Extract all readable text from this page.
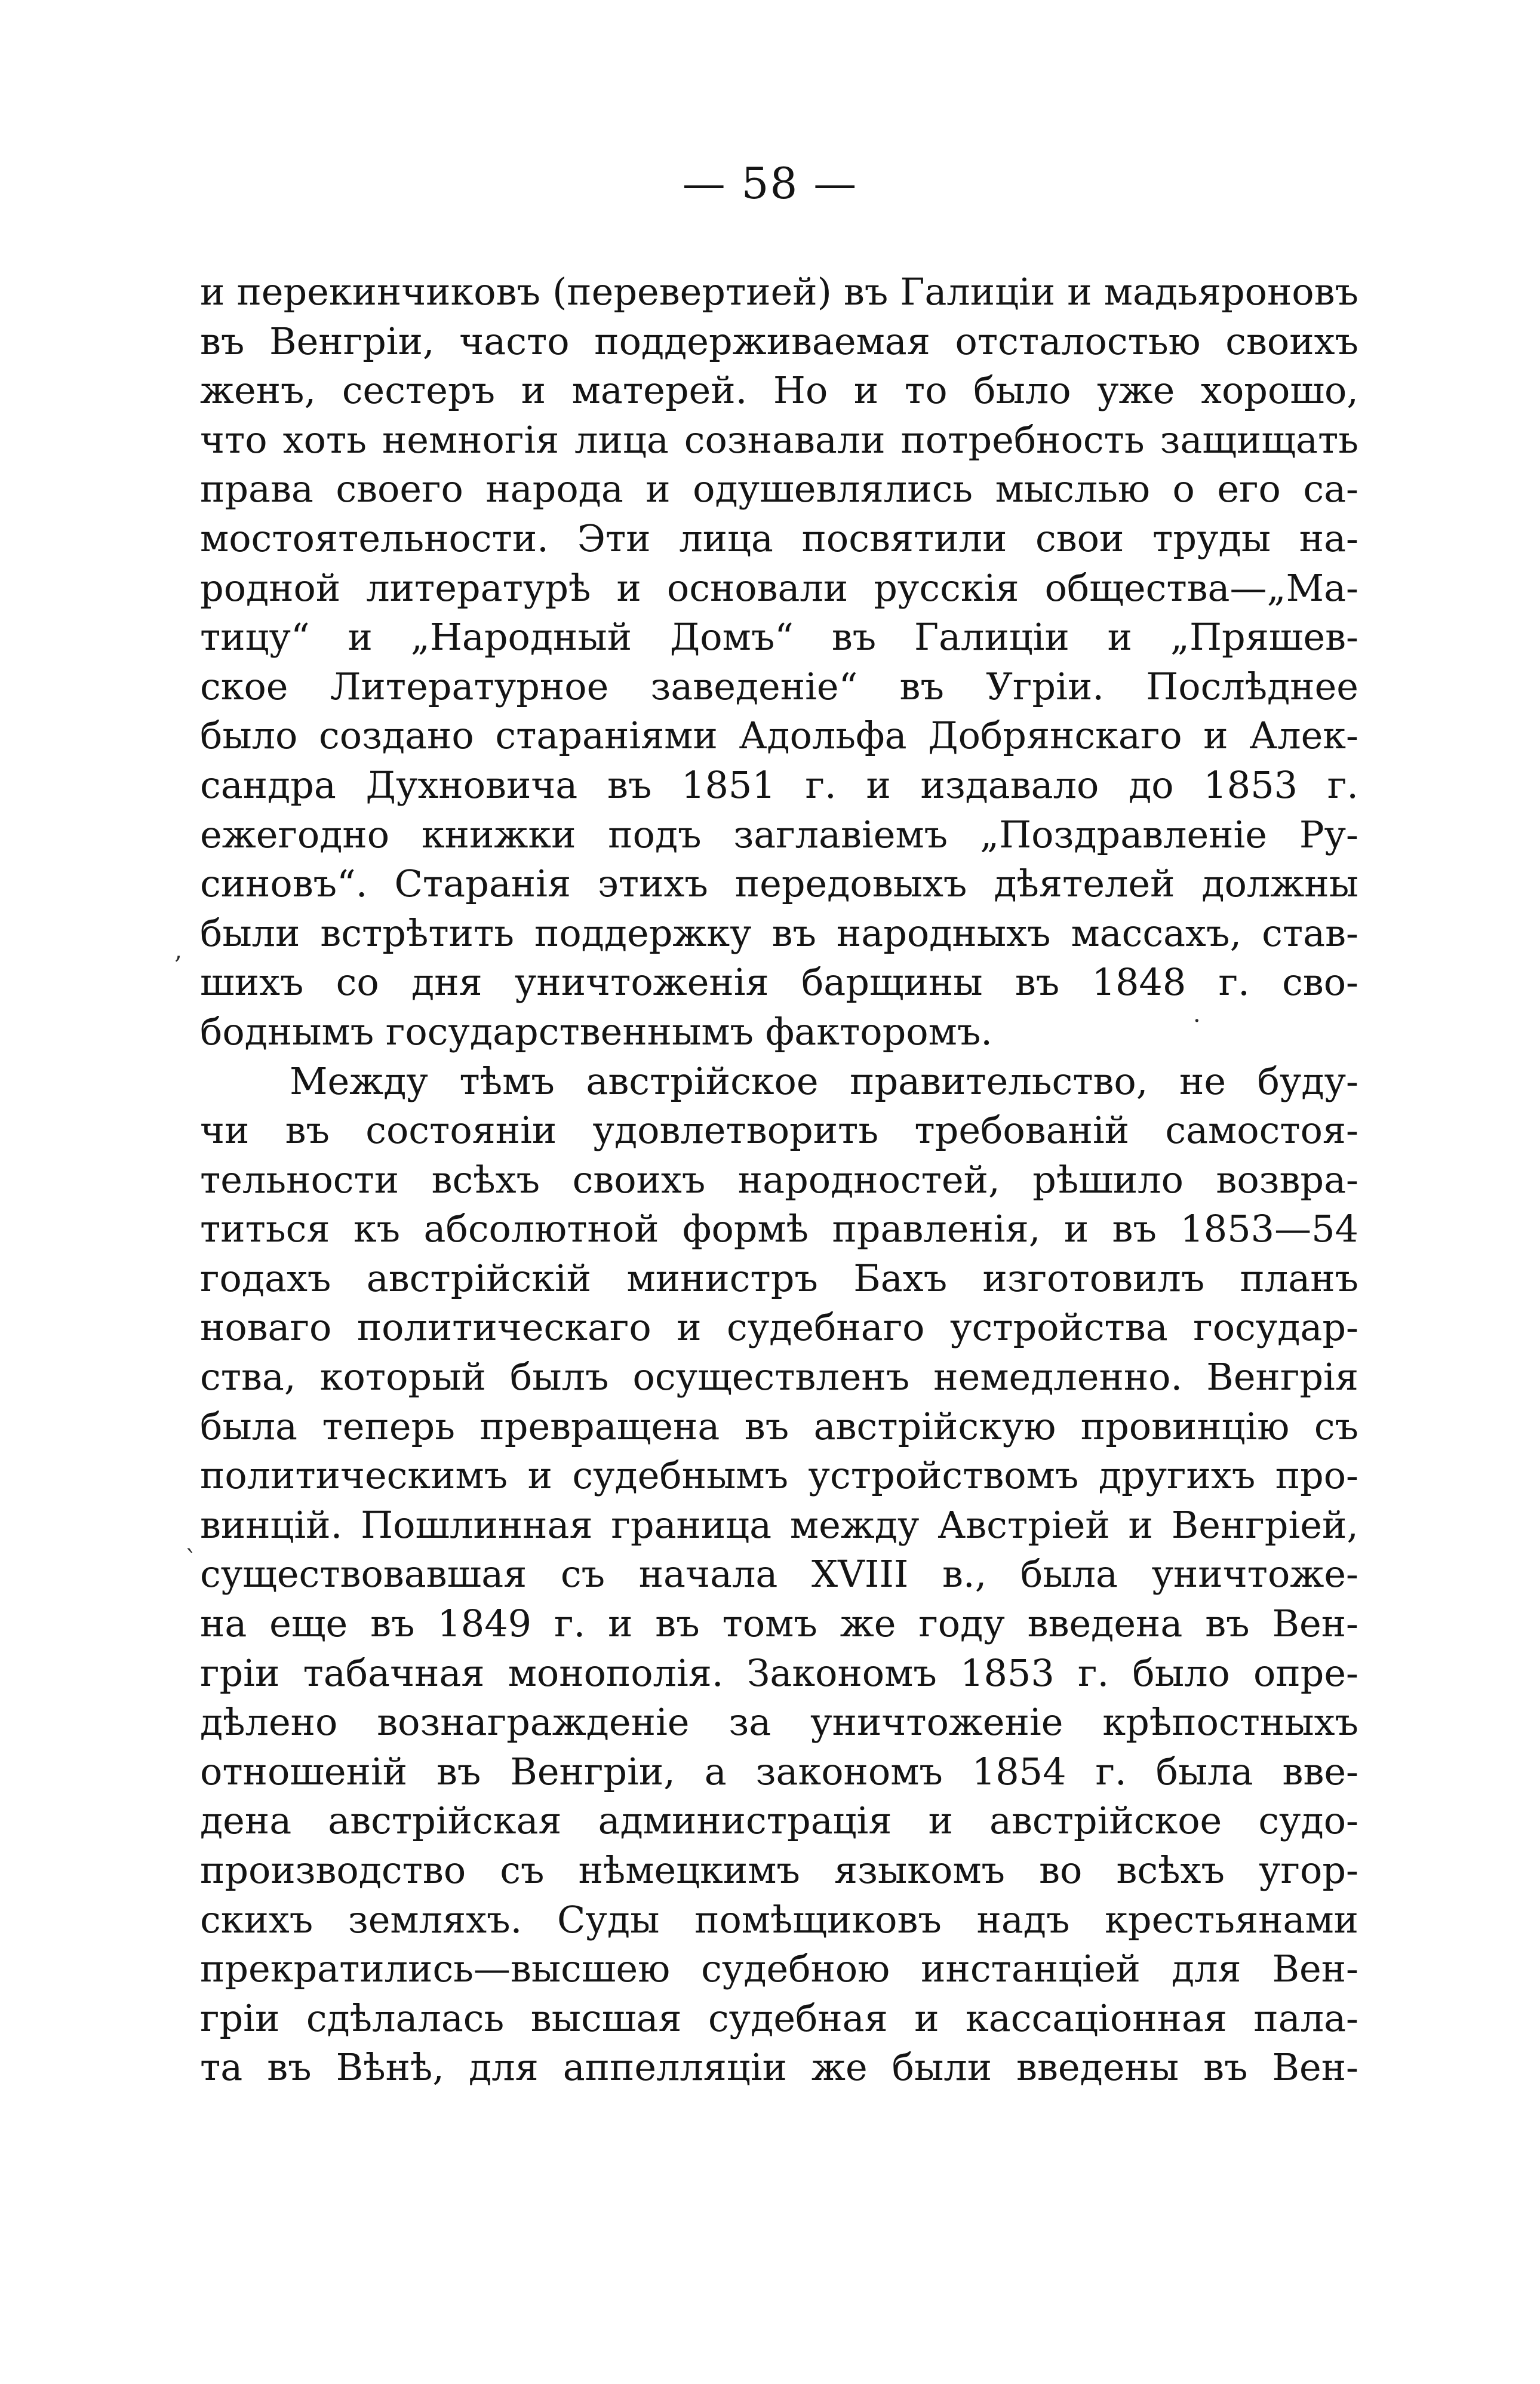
— 58 —
и перекинчиковъ (перевертией) въ Галиціи и мадьяроновъ
въ Венгріи, часто поддерживаемая отсталостью своихъ
женъ, сестеръ и матерей. Но и то было уже хорошо,
что хоть немногія лица сознавали потребность защищать
права своего народа и одушевлялись мыслью о его са-
мостоятельности. Эти лица посвятили свои труды на-
родной литературѣ и основали русскія общества—„Ма-
тицу“ и „Народный Домъ“ въ Галиціи и „Пряшев-
ское Литературное заведеніе“ въ Угріи. Послѣднее
было создано стараніями Адольфа Добрянскаго и Алек-
сандра Духновича въ 1851 г. и издавало до 1853 г.
ежегодно книжки подъ заглавіемъ „Поздравленіе Ру-
синовъ“. Старанія этихъ передовыхъ дѣятелей должны
были встрѣтить поддержку въ народныхъ массахъ, став-
шихъ со дня уничтоженія барщины въ 1848 г. сво-
боднымъ государственнымъ факторомъ.
Между тѣмъ австрійское правительство, не буду-
чи въ состояніи удовлетворить требованій самостоя-
тельности всѣхъ своихъ народностей, рѣшило возвра-
титься къ абсолютной формѣ правленія, и въ 1853—54
годахъ австрійскій министръ Бахъ изготовилъ планъ
новаго политическаго и судебнаго устройства государ-
ства, который былъ осуществленъ немедленно. Венгрія
была теперь превращена въ австрійскую провинцію съ
политическимъ и судебнымъ устройствомъ другихъ про-
винцій. Пошлинная граница между Австріей и Венгріей,
существовавшая съ начала XVIII в., была уничтоже-
на еще въ 1849 г. и въ томъ же году введена въ Вен-
гріи табачная монополія. Закономъ 1853 г. было опре-
дѣлено вознагражденіе за уничтоженіе крѣпостныхъ
отношеній въ Венгріи, а закономъ 1854 г. была вве-
дена австрійская администрація и австрійское судо-
производство съ нѣмецкимъ языкомъ во всѣхъ угор-
скихъ земляхъ. Суды помѣщиковъ надъ крестьянами
прекратились—высшею судебною инстанціей для Вен-
гріи сдѣлалась высшая судебная и кассаціонная пала-
та въ Вѣнѣ, для аппелляціи же были введены въ Вен-
‚
·
`
